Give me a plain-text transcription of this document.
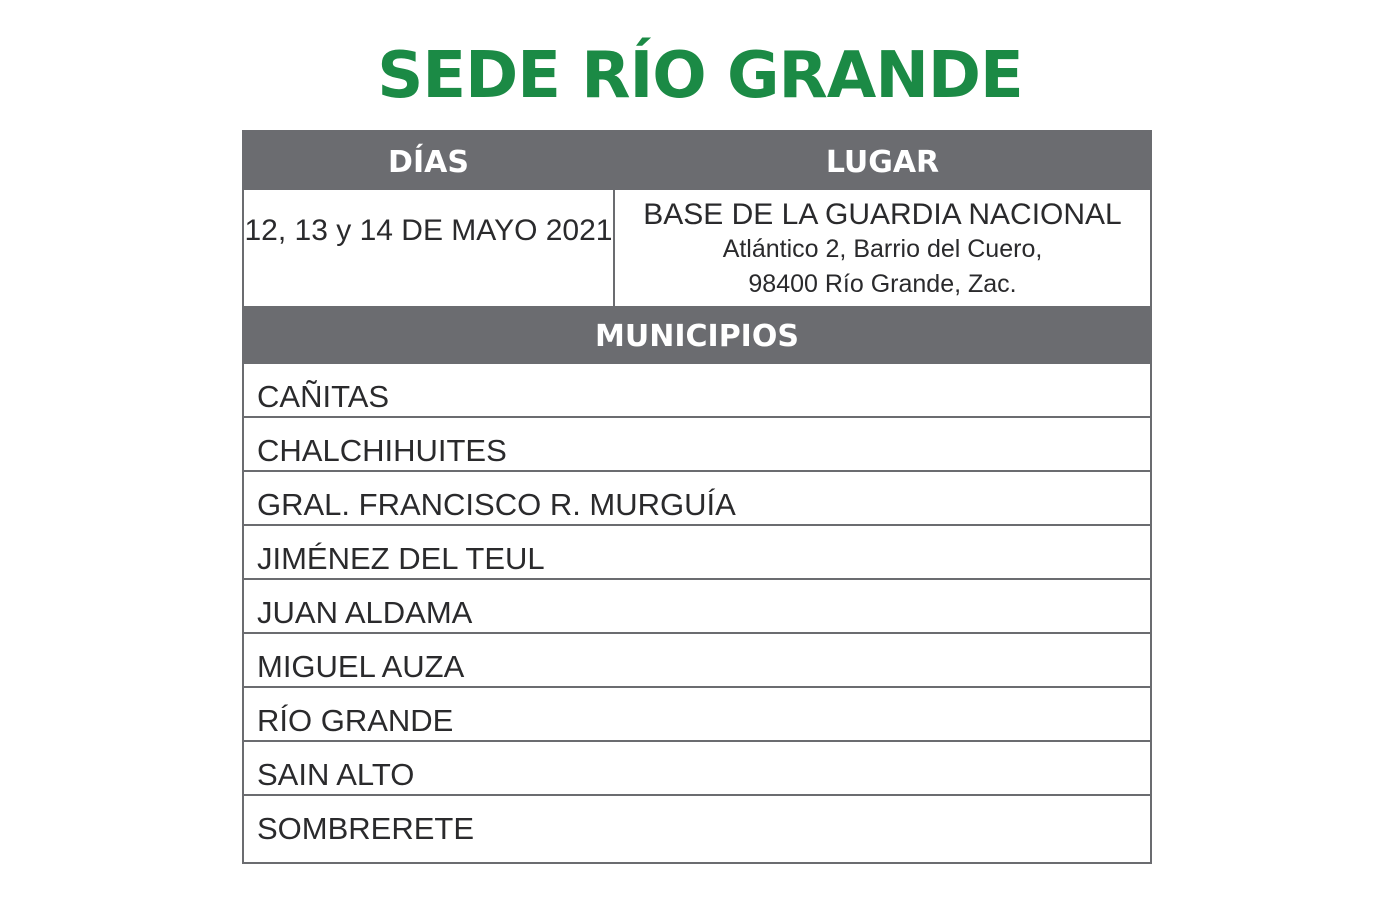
SEDE RÍO GRANDE
DÍAS	LUGAR
12, 13 y 14 DE MAYO 2021	BASE DE LA GUARDIA NACIONAL
Atlántico 2, Barrio del Cuero,
98400 Río Grande, Zac.
MUNICIPIOS
CAÑITAS
CHALCHIHUITES
GRAL. FRANCISCO R. MURGUÍA
JIMÉNEZ DEL TEUL
JUAN ALDAMA
MIGUEL AUZA
RÍO GRANDE
SAIN ALTO
SOMBRERETE
